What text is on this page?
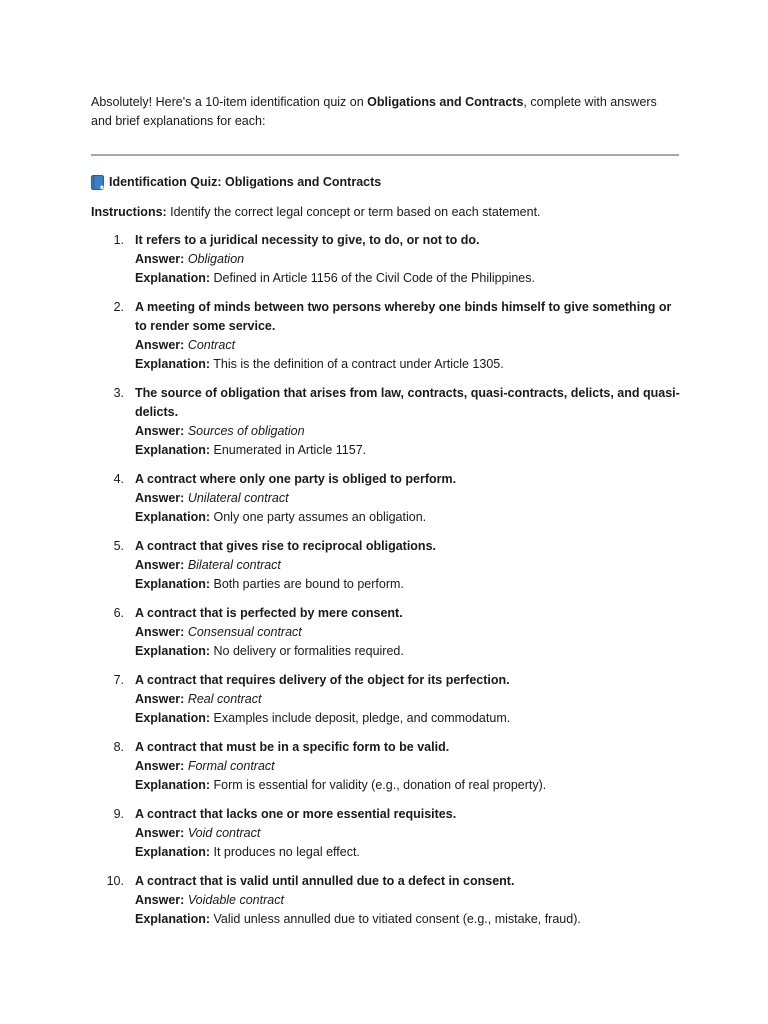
Absolutely! Here's a 10-item identification quiz on Obligations and Contracts, complete with answers and brief explanations for each:

Identification Quiz: Obligations and Contracts
Instructions: Identify the correct legal concept or term based on each statement.
1. It refers to a juridical necessity to give, to do, or not to do.
Answer: Obligation
Explanation: Defined in Article 1156 of the Civil Code of the Philippines.
2. A meeting of minds between two persons whereby one binds himself to give something or to render some service.
Answer: Contract
Explanation: This is the definition of a contract under Article 1305.
3. The source of obligation that arises from law, contracts, quasi-contracts, delicts, and quasi-delicts.
Answer: Sources of obligation
Explanation: Enumerated in Article 1157.
4. A contract where only one party is obliged to perform.
Answer: Unilateral contract
Explanation: Only one party assumes an obligation.
5. A contract that gives rise to reciprocal obligations.
Answer: Bilateral contract
Explanation: Both parties are bound to perform.
6. A contract that is perfected by mere consent.
Answer: Consensual contract
Explanation: No delivery or formalities required.
7. A contract that requires delivery of the object for its perfection.
Answer: Real contract
Explanation: Examples include deposit, pledge, and commodatum.
8. A contract that must be in a specific form to be valid.
Answer: Formal contract
Explanation: Form is essential for validity (e.g., donation of real property).
9. A contract that lacks one or more essential requisites.
Answer: Void contract
Explanation: It produces no legal effect.
10. A contract that is valid until annulled due to a defect in consent.
Answer: Voidable contract
Explanation: Valid unless annulled due to vitiated consent (e.g., mistake, fraud).
